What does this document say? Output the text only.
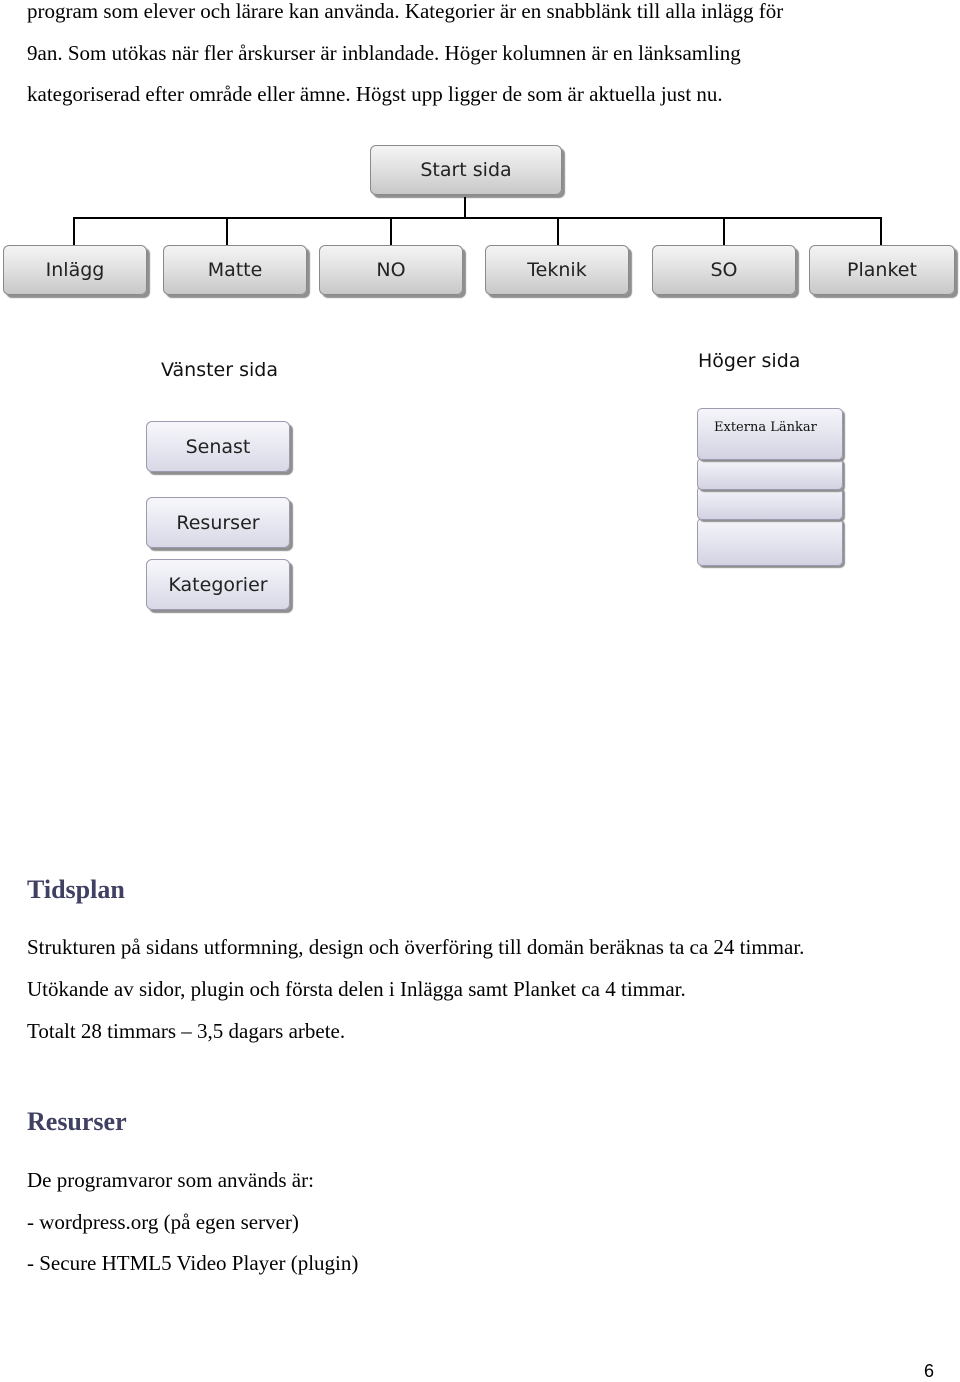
program som elever och lärare kan använda. Kategorier är en snabblänk till alla inlägg för
9an. Som utökas när fler årskurser är inblandade. Höger kolumnen är en länksamling
kategoriserad efter område eller ämne. Högst upp ligger de som är aktuella just nu.
Start sida
Inlägg	Matte	NO	Teknik	SO	Planket
Vänster sida
Senast
Resurser
Kategorier
Höger sida
Externa Länkar
Tidsplan

Strukturen på sidans utformning, design och överföring till domän beräknas ta ca 24 timmar.

Utökande av sidor, plugin och första delen i Inlägga samt Planket ca 4 timmar.

Totalt 28 timmars – 3,5 dagars arbete.

Resurser

De programvaror som används är:

- wordpress.org (på egen server)

- Secure HTML5 Video Player (plugin)

6
